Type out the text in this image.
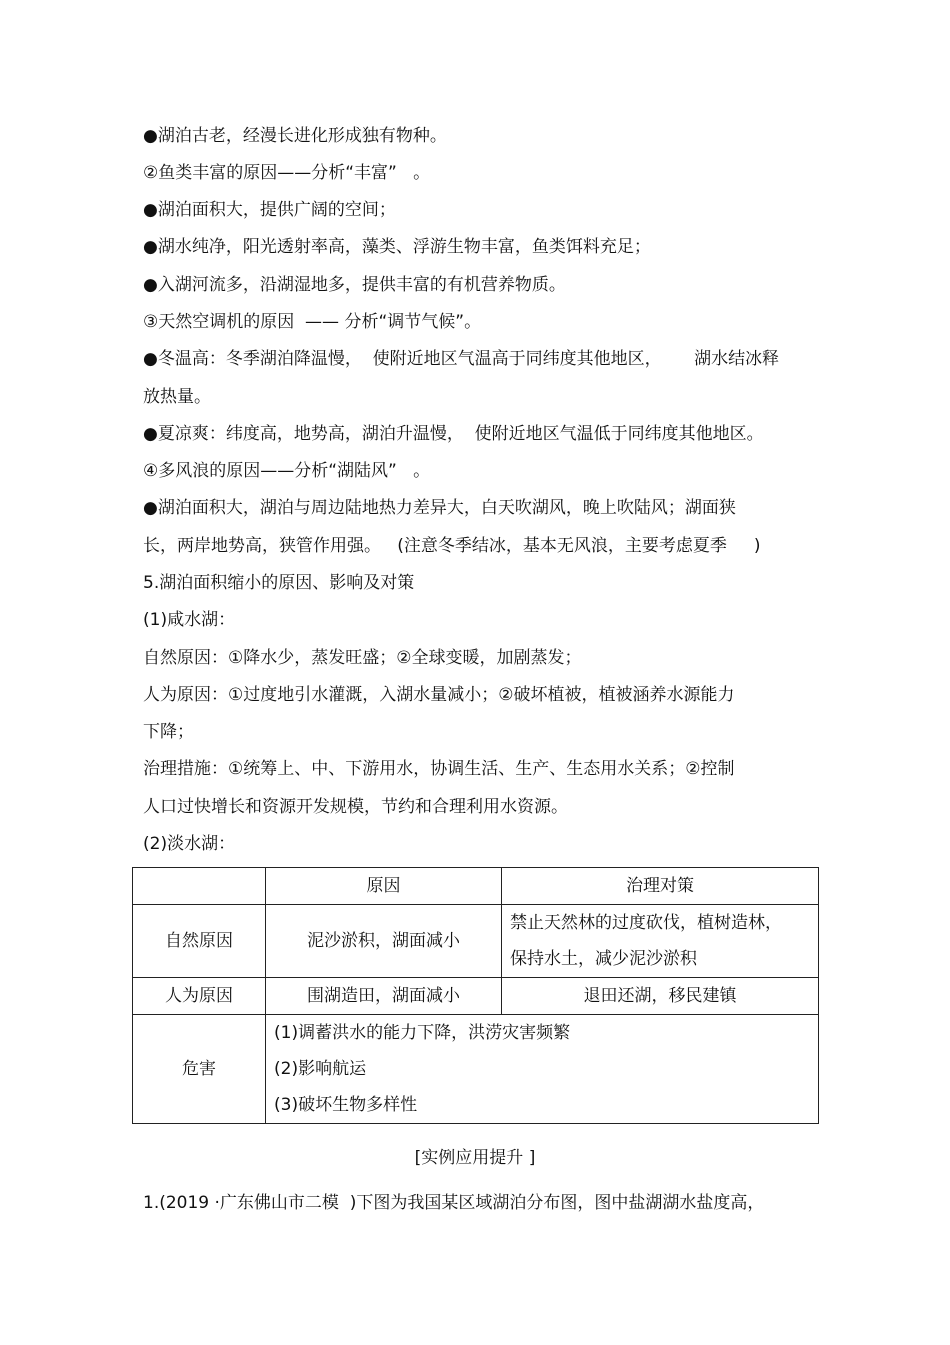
●湖泊古老，经漫长进化形成独有物种。
②鱼类丰富的原因——分析“丰富”   。
●湖泊面积大，提供广阔的空间；
●湖水纯净，阳光透射率高，藻类、浮游生物丰富，鱼类饵料充足；
●入湖河流多，沿湖湿地多，提供丰富的有机营养物质。
③天然空调机的原因  —— 分析“调节气候”。
●冬温高：冬季湖泊降温慢，  使附近地区气温高于同纬度其他地区，      湖水结冰释
放热量。
●夏凉爽：纬度高，地势高，湖泊升温慢，  使附近地区气温低于同纬度其他地区。
④多风浪的原因——分析“湖陆风”   。
●湖泊面积大，湖泊与周边陆地热力差异大，白天吹湖风，晚上吹陆风；湖面狭
长，两岸地势高，狭管作用强。   (注意冬季结冰，基本无风浪，主要考虑夏季     )
5.湖泊面积缩小的原因、影响及对策
(1)咸水湖：
自然原因：①降水少，蒸发旺盛；②全球变暖，加剧蒸发；
人为原因：①过度地引水灌溉，入湖水量减小；②破坏植被，植被涵养水源能力
下降；
治理措施：①统筹上、中、下游用水，协调生活、生产、生态用水关系；②控制
人口过快增长和资源开发规模，节约和合理利用水资源。
(2)淡水湖：
	原因	治理对策
自然原因	泥沙淤积，湖面减小	禁止天然林的过度砍伐，植树造林，
保持水土，减少泥沙淤积

人为原因	围湖造田，湖面减小	退田还湖，移民建镇
危害	(1)调蓄洪水的能力下降，洪涝灾害频繁
(2)影响航运
(3)破坏生物多样性	
[实例应用提升 ]
1.(2019 ·广东佛山市二模  )下图为我国某区域湖泊分布图，图中盐湖湖水盐度高，
